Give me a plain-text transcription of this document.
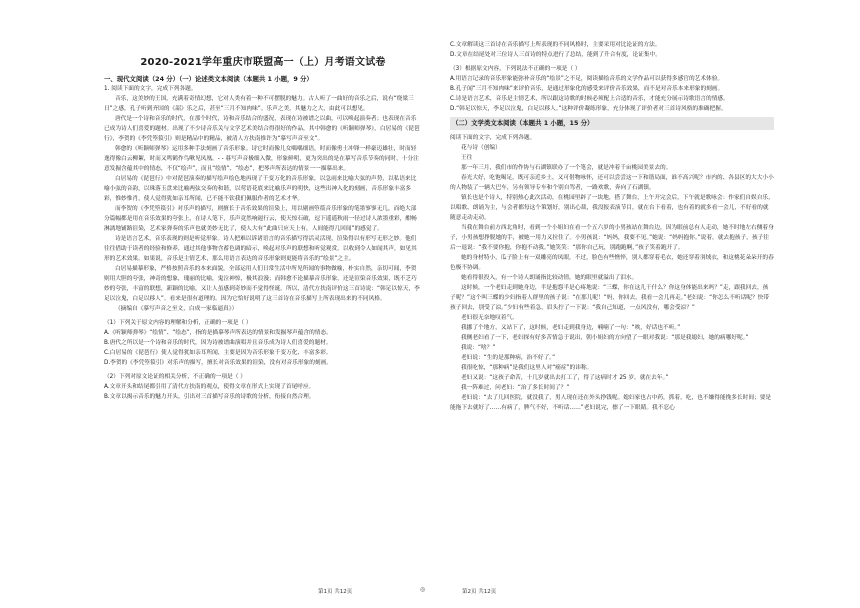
2020-2021学年重庆市联盟高一（上）月考语文试卷
一、现代文阅读（24 分）（一）论述类文本阅读（本题共 1 小题，9 分）

1. 阅读下面的文字，完成下列各题。

音乐，这美妙的王国，充满着奇情幻想，它对人类有着一种不可摆脱的魅力。古人听了一曲好的音乐之后，说有“绕梁三日”之感，孔子听到齐国的《韶》乐之后，甚至“三月不知肉味”。乐声之美，其魅力之大，由此可以想见。

唐代是一个诗和音乐的时代，在那个时代，诗和音乐结合的盛况，表现在诗被谱之以曲，可以唤起演奏者；也表现在音乐已成为诗人们喜爱的题材。出现了不少诗音乐关与文学艺术美结合得很好的作品，其中韩愈的《听颖师弹琴》，白居易的《琵琶行》，李贺的《李凭箜篌引》则是精品中的精品，被清人方扶南推许为“摹写声音至文”。

韩愈的《听颖师弹琴》运用多种手法刻画了音乐形象。诗它时而像儿女喁喁细语，时而像勇士冲锋一样豪迈雄壮，时而轻逸得像白云柳絮，时而又鸣鹤作鸟啾见凤凰。- - 暮写声音极细入微，形象鲜明，更为突出的是在摹写音乐节奏的同时，十分注意发掘含蕴其中的情态，不仅“绘声”，而且“绘情”、“绘态”，把琴声所表达的情景一一描摹出来。

白居易的《琵琶行》中对琵琶演奏的描写绘声绘色地再现了千变万化的音乐形象，以急雨来比喻大弦的声势，以私语来比喻小弦的音韵，以珠落玉盘来比喻两弦交奏的和谐，以莺语花底来比喻乐声的明快，这些出神入化的刻画，音乐形象丰富多彩，惟妙惟肖，使人觉得犹如亲耳所闻，已不能不钦我们佩服作者的艺术才华。

而李贺的《李凭箜篌引》对乐声的描写，则擅长于音乐效果的渲染上，用以剔画箜篌音乐形象的笔墨寥寥无几，而绝大部分篇幅都是用在音乐效果的夸张上，在诗人笔下，乐声竟然响遏行云，使天惊石破，逗下遥遥秋雨一径过诗人浓墨重彩，酣畅淋漓地铺路渲染，艺术家弹奏的乐声也就美妙无比了，使人大有“此曲只应天上有，人间能得几回闻”的感觉了。

诗是语言艺术，音乐表现的则是听觉形象。诗人把难以诉诸语言的音乐描写得活灵活现，渲染得以有形写无形之妙。他们往往借助于读者的经验和修养，通过其他事物含蓄色调的暗示，唤起对乐声的联想和听觉观赏，以收到令人如闻其声，如见其形的艺术效果。如果说，音乐是主情艺术，那么用语言表达的音乐形象则更能将音乐的“绘景”之主。

白居易描摹形象，严格按照音乐的本来面貌，全部运用人们日常生活中所见所闻的事物做喻，朴实自然，亲切可闻，李贺则用大胆的夸张，神奇的想象，瑰丽的比喻，鬼泣神惊，极其浪漫；而韩愈不论描摹音乐形象，还是渲染音乐效果，既不乏巧妙的夸张，丰富的联想，新颖的比喻，又让人虽感到奇妙而不觉得怪诞。所以，清代方扶南评价这三首诗说：“韩足以惊天，李足以泣鬼，白足以移人”。看来是很有道理的。因为它恰好说明了这三首诗在音乐描写上所表现出来的不同风格。

（摘编自《摹写声音之至文，白成一家临逼真》）

（1）下列关于原文内容的理解和分析，正确的一项是（ ）

A.《听颖师弹琴》“绘情”、“绘态”，指的是描摹琴声所表达的情景和发掘琴声蕴含的情态。

B.唐代之所以是一个诗和音乐的时代，因为诗被谱曲演唱并且音乐成为诗人们喜爱的题材。

C.白居易的《琵琶行》使人觉得犹如亲耳所闻，主要是因为音乐形象千变万化、丰富多彩。

D.李贺的《李凭箜篌引》对乐声的描写，擅长对音乐效果的渲染，没有对音乐形象的刻画。

（2）下列对原文论证的相关分析，不正确的一项是（ ）

A.文章开头和结尾都引用了清代方扶南的观点，使得文章在形式上实现了首尾呼应。

B.文章以揭示音乐的魅力开头，引出对三首描写音乐的诗歌的分析，衔接自然合理。

C.文章解读这三首诗在音乐描写上所表现的不同风格时，主要采用对比论证的方法。

D.文章在结尾处对三位诗人三首诗的特点进行了总结，能到了升合有度，论证集中。

（3）根据原文内容，下列说法不正确的一项是（ ）

A.用语言记录的音乐形象能弥补音乐的“绘景”之不足，阅读描绘音乐的文学作品可以获得多感官的艺术体验。

B.孔子闻“三月不知肉味”来评价音乐，是通过形象化的感受来评价音乐效果，而不是对音乐本来形象的刻画。

C.诗是语言艺术，音乐是主情艺术，所以跟这诗歌的时候必须配上合适的音乐，才能充分展示诗歌语言的情感。

D.“韩足以惊天，李足以泣鬼，白足以移人。”这种评价凝练形象，充分体现了评价者对三首诗风格的准确把握。

（二）文学类文本阅读（本题共 1 小题，15 分）

阅读下面的文字，完成下列各题。

花与诗（创编）

王往

那一年三月，我们市的作协与石湖镇联办了一个笔会，就是冲着千亩桃园美景去的。

春光大好，吃饱喝足，既可亲近乡土，又可借物咏怀，还可以尝尝这一下和谐局面，谁不高兴呢？市内的、各县区的大大小小的人物装了一辆大巴车，另有领导专车和个别自驾者，一路欢歌，奔向了石湖镇。

镇长也是个诗人，特别热心此次活动，在桃园里辟了一块地，搭了舞台，上午开完会后，下午就是歌咏会：作家们自娱自乐，以唱歌、朗诵为主，与会者都每这个策划好，别出心裁，我没报表演节目，就在台下看着，也有着的就多看一会儿，不好看的就随意走动走动。

当我在舞台前方西北角时，看到一个小姐妇在看一个五六岁的小男孩站在舞台边，因为眼前总有人走动，她不时地左右侧着身子，小男孩想挣脱她的手，被她一用力又拉住了。小男孩说：“妈妈，我要不见。”她说：“妈妈抱你。”说着，就去抱孩子，孩子往后一退说：“我不要你抱，你抱不动我。”她笑笑：“那你自己玩，别跑跑啊，”孩子笑着跑开了。

她的身材特小，瓜子脸上有一双雕亮的凤眼，不过，脸色有些憔悴，别人都穿着毛衣，她还穿着羽绒衣，和这桃花朵朵开的春色极不协调。

她看得很投入，有一个诗人朗诵指比较动情，她的眼里就溢出了泪水。

这时候，一个老妇走到她身边，半是抱怨半是心疼地说：“三蝶，你在这儿干什么？你这身体能出来吗？”走，跟我回去，孩子呢？”这个叫三蝶的少妇指着人群里的孩子说：“在那儿呢！”妈，你回去，我看一会儿再走。”老妇说：“你怎么不听话呢？快带孩子回去，别受了凉。”少妇有些着急，眉头拧了一下说：“我自己知道，一点风没有，哪会受凉？”

老妇很无奈地叹着气。

我挪了个地方，又站下了，这时候，老妇走到我身边，喃喃了一句：“唉，好话也不听。”

我侧老妇看了一下，老妇探有好多苦情急于说出，朝小姐妇的方向望了一眼对我说：“那是我媳妇，她的病哪好呢。”

我说：“啥？”

老妇说：“生的是那种病，治不好了。”

我很吃惊，“那种病”是我们这里人对“癌症”的讳称。

老妇又说：“这孩子命苦，十几岁就出去打工了，得了这病时才 25 岁，就在去年。”

我一阵难过，问老妇：“治了多长时间了？”

老妇说：“去了几回医院，就没我了，男人现在还在外头挣钱呢。媳妇家也占中药，抓着，吃，也不嫌得能挽多长时间；要是能拖下去就好了……有病了，脾气不好，不听话……”老妇说完，擦了一下眼睛。我不忍心

第1页 共12页	◎	第2页 共12页
